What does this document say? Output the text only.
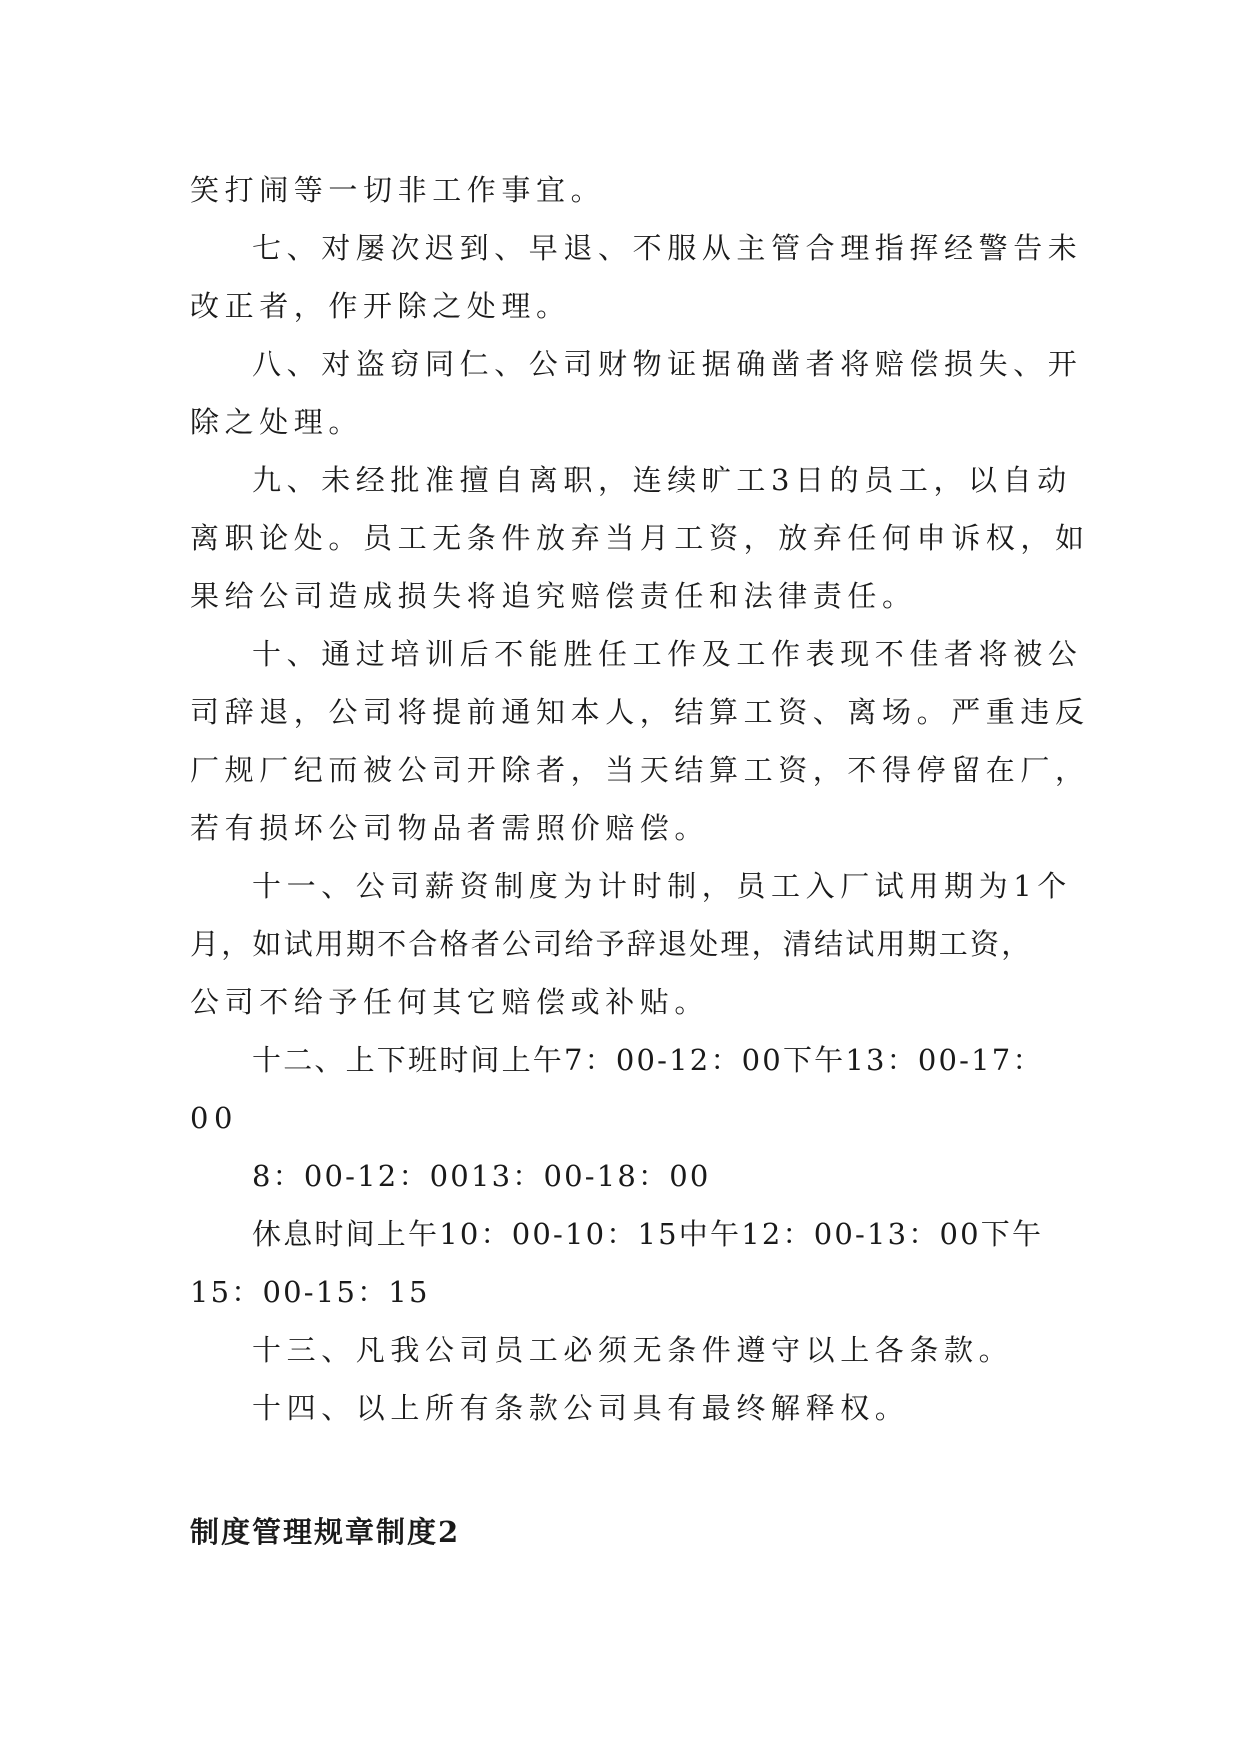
笑打闹等一切非工作事宜。

七、对屡次迟到、早退、不服从主管合理指挥经警告未

改正者，作开除之处理。

八、对盗窃同仁、公司财物证据确凿者将赔偿损失、开

除之处理。

九、未经批准擅自离职，连续旷工3日的员工，以自动

离职论处。员工无条件放弃当月工资，放弃任何申诉权，如

果给公司造成损失将追究赔偿责任和法律责任。

十、通过培训后不能胜任工作及工作表现不佳者将被公

司辞退，公司将提前通知本人，结算工资、离场。严重违反

厂规厂纪而被公司开除者，当天结算工资，不得停留在厂，

若有损坏公司物品者需照价赔偿。

十一、公司薪资制度为计时制，员工入厂试用期为1个

月，如试用期不合格者公司给予辞退处理，清结试用期工资，

公司不给予任何其它赔偿或补贴。

十二、上下班时间上午7：00-12：00下午13：00-17：

00

8：00-12：0013：00-18：00

休息时间上午10：00-10：15中午12：00-13：00下午

15：00-15：15

十三、凡我公司员工必须无条件遵守以上各条款。

十四、以上所有条款公司具有最终解释权。

制度管理规章制度2
